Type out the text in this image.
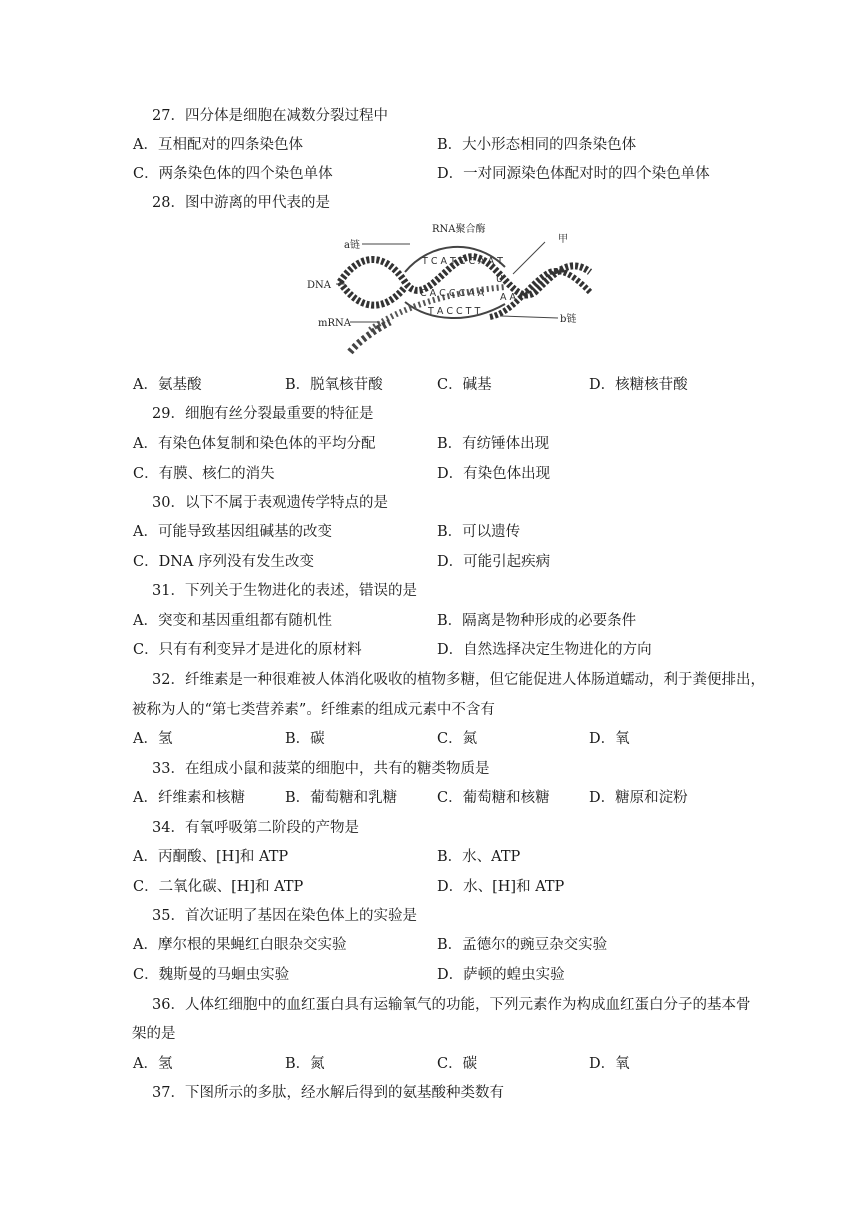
27．四分体是细胞在减数分裂过程中
A．互相配对的四条染色体	B．大小形态相同的四条染色体
C．两条染色体的四个染色单体	D．一对同源染色体配对时的四个染色单体
28．图中游离的甲代表的是
a链
RNA聚合酶
甲
DNA
mRNA	b链
T C A T C C A A T
C A C C C A A
T A C C T T
U
A A
A．氨基酸	B．脱氧核苷酸	C．碱基	D．核糖核苷酸
29．细胞有丝分裂最重要的特征是
A．有染色体复制和染色体的平均分配	B．有纺锤体出现
C．有膜、核仁的消失	D．有染色体出现
30．以下不属于表观遗传学特点的是
A．可能导致基因组碱基的改变	B．可以遗传
C．DNA 序列没有发生改变	D．可能引起疾病
31．下列关于生物进化的表述，错误的是
A．突变和基因重组都有随机性	B．隔离是物种形成的必要条件
C．只有有利变异才是进化的原材料	D．自然选择决定生物进化的方向
32．纤维素是一种很难被人体消化吸收的植物多糖，但它能促进人体肠道蠕动，利于粪便排出，
被称为人的“第七类营养素”。纤维素的组成元素中不含有
A．氢	B．碳	C．氮	D．氧
33．在组成小鼠和菠菜的细胞中，共有的糖类物质是
A．纤维素和核糖	B．葡萄糖和乳糖	C．葡萄糖和核糖	D．糖原和淀粉
34．有氧呼吸第二阶段的产物是
A．丙酮酸、[H]和 ATP	B．水、ATP
C．二氧化碳、[H]和 ATP	D．水、[H]和 ATP
35．首次证明了基因在染色体上的实验是
A．摩尔根的果蝇红白眼杂交实验	B．孟德尔的豌豆杂交实验
C．魏斯曼的马蛔虫实验	D．萨顿的蝗虫实验
36．人体红细胞中的血红蛋白具有运输氧气的功能，下列元素作为构成血红蛋白分子的基本骨
架的是
A．氢	B．氮	C．碳	D．氧
37．下图所示的多肽，经水解后得到的氨基酸种类数有
